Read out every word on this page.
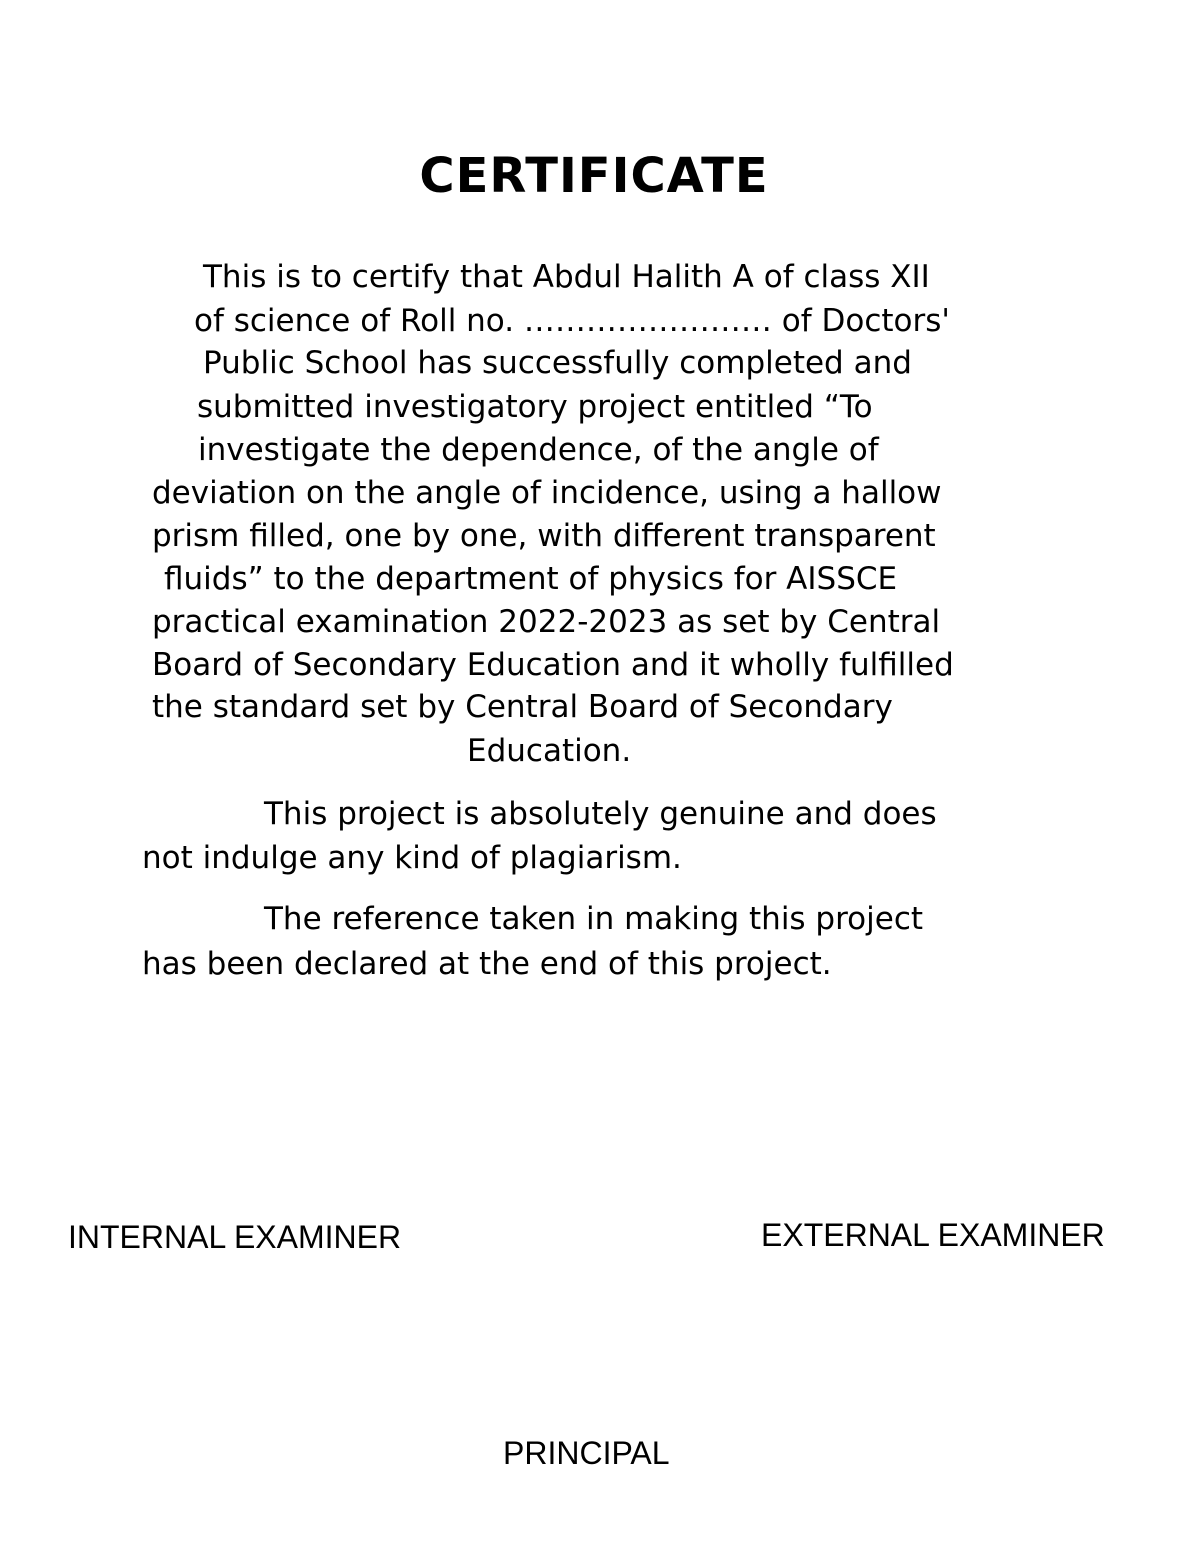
CERTIFICATE

This is to certify that Abdul Halith A of class XII

of science of Roll no. …………………… of Doctors'

Public School has successfully completed and

submitted investigatory project entitled “To

investigate the dependence, of the angle of

deviation on the angle of incidence, using a hallow

prism filled, one by one, with different transparent

fluids” to the department of physics for AISSCE

practical examination 2022-2023 as set by Central

Board of Secondary Education and it wholly fulfilled

the standard set by Central Board of Secondary

Education.

This project is absolutely genuine and does

not indulge any kind of plagiarism.

The reference taken in making this project

has been declared at the end of this project.

INTERNAL EXAMINER	EXTERNAL EXAMINER

PRINCIPAL
